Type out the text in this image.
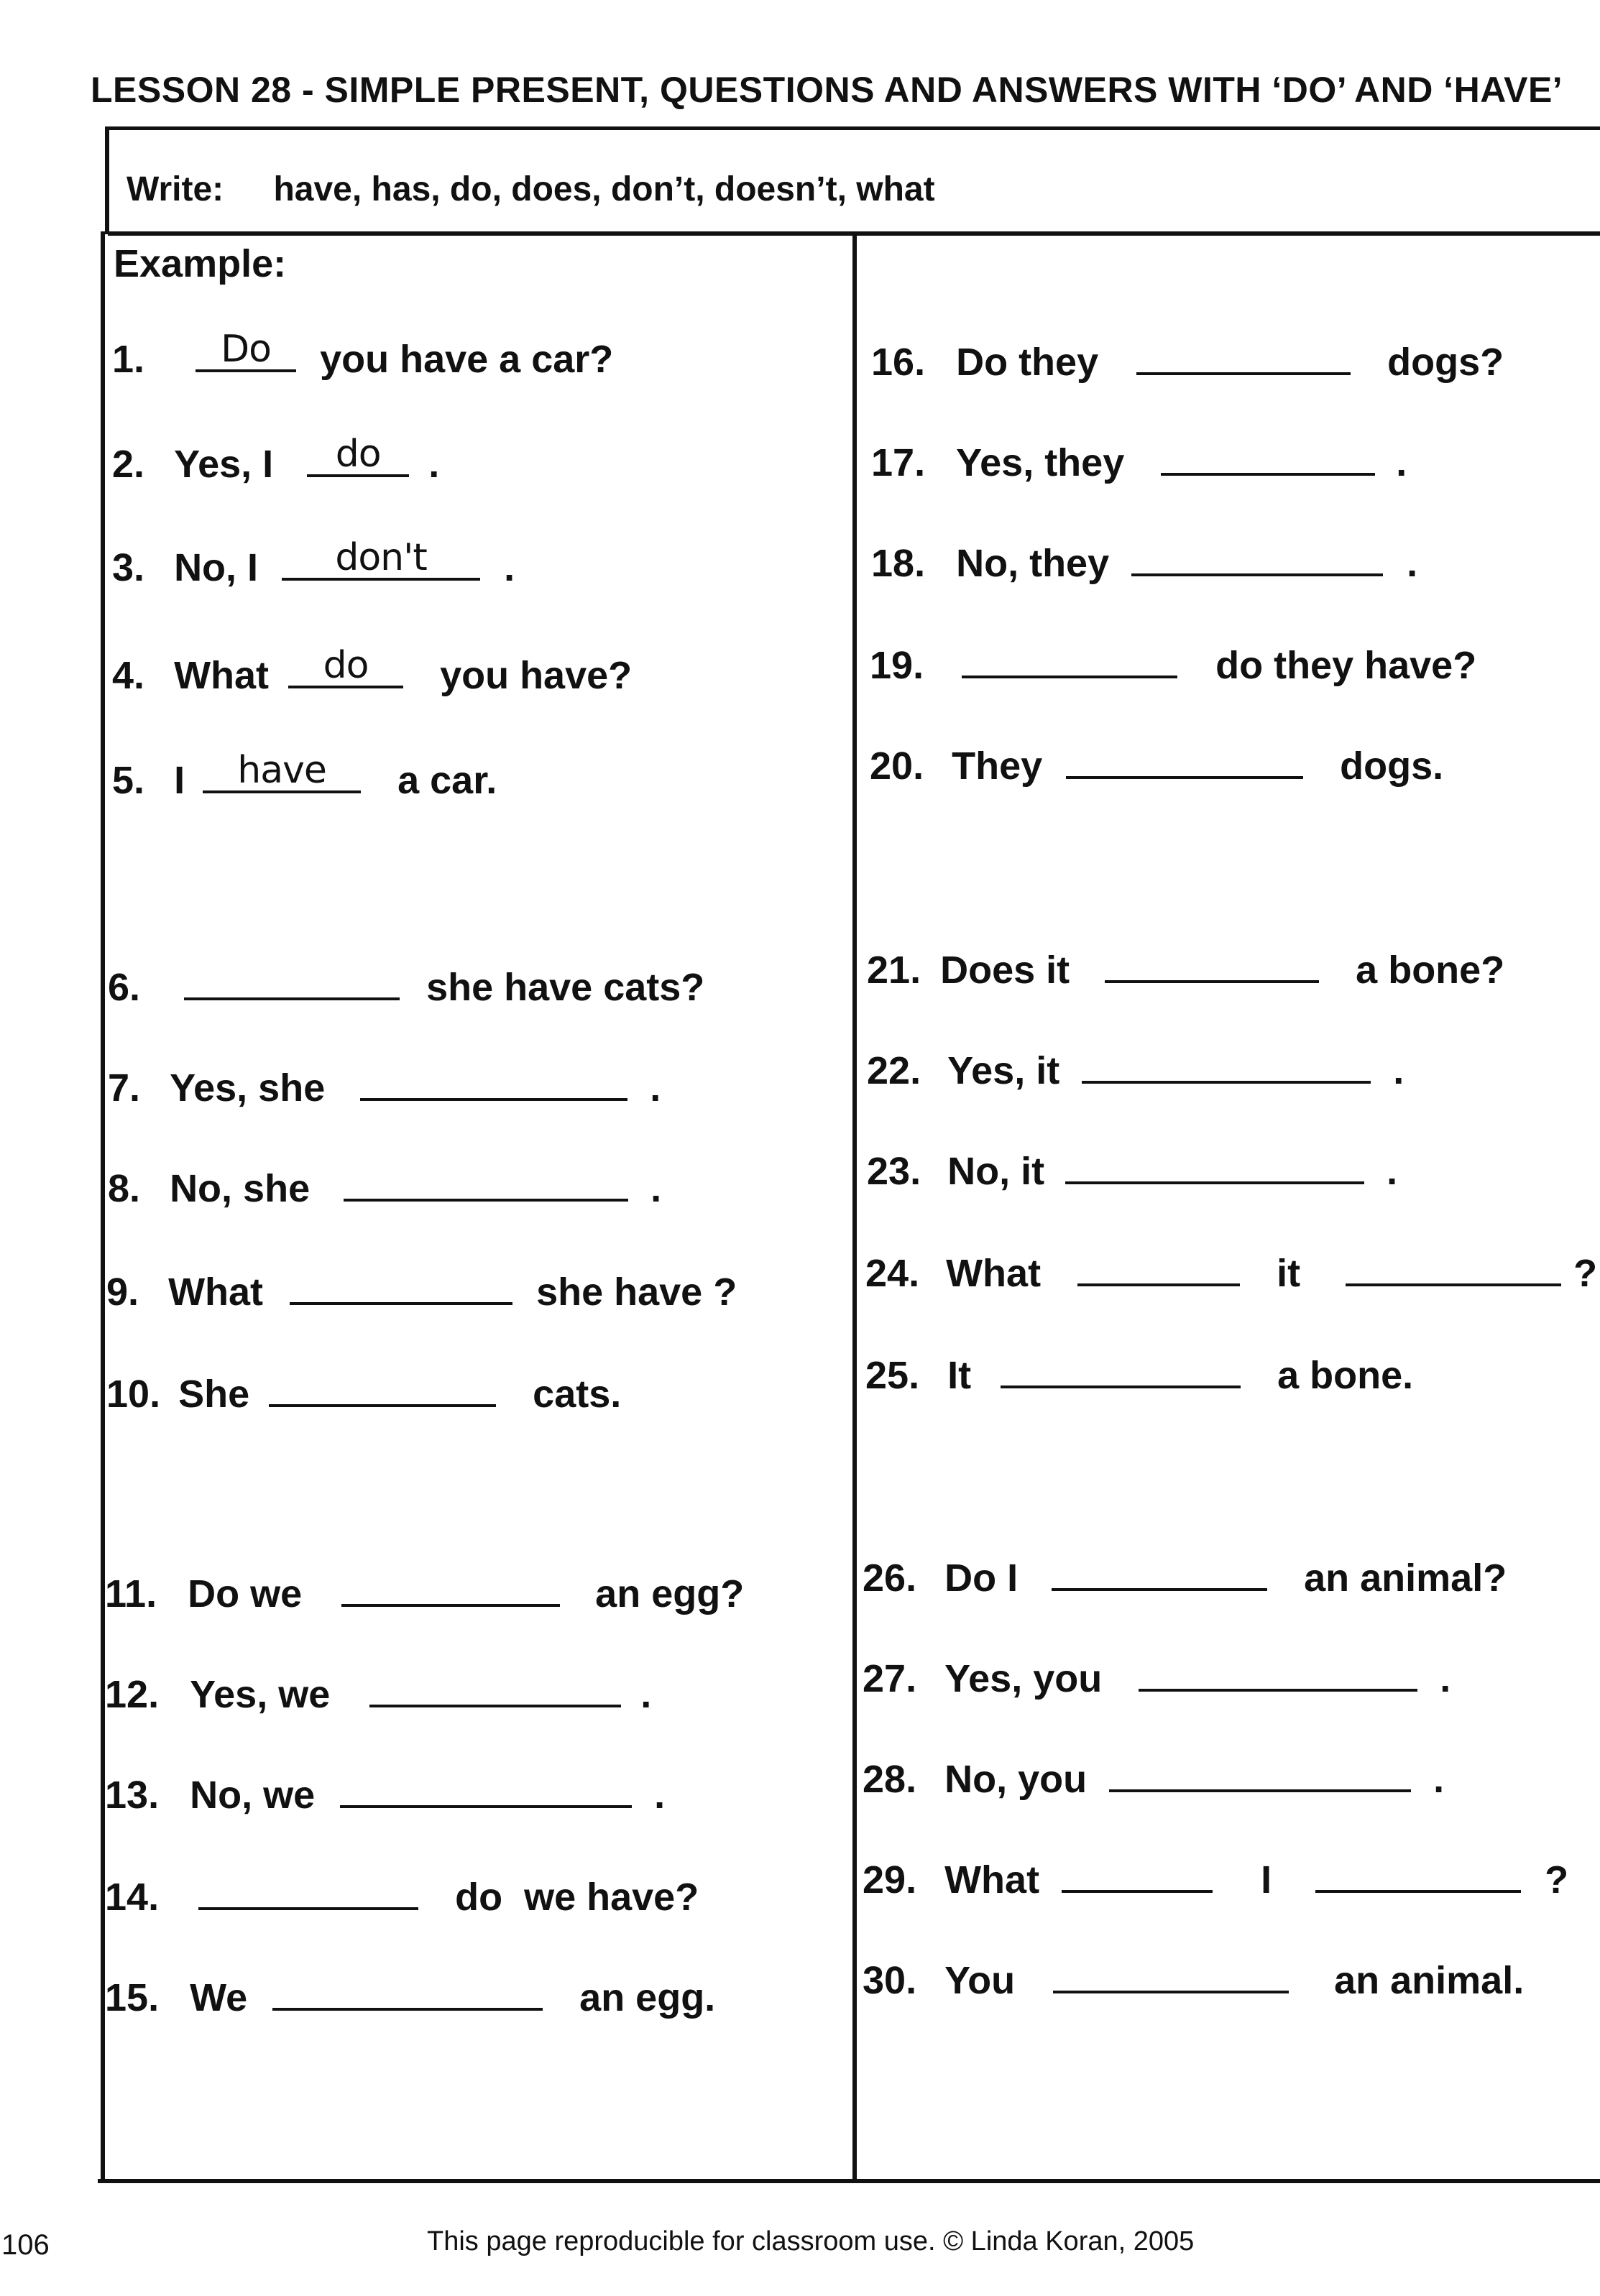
LESSON 28 - SIMPLE PRESENT, QUESTIONS AND ANSWERS WITH ‘DO’ AND ‘HAVE’
Write: have, has, do, does, don’t, doesn’t, what
Example:
1.	Do	you have a car?
2. Yes, I	do	.
3. No, I	don't	.
4. What	do	you have?
5. I	have	a car.
6.	she have cats?
7. Yes, she	.
8. No, she	.
9. What	she have ?
10. She	cats.
11. Do we	an egg?
12. Yes, we	.
13. No, we	.
14.	do  we have?
15. We	an egg.
16. Do they	dogs?
17. Yes, they	.
18. No, they	.
19.	do they have?
20. They	dogs.
21. Does it	a bone?
22. Yes, it	.
23. No, it	.
24. What	it	?
25. It	a bone.
26. Do I	an animal?
27. Yes, you	.
28. No, you	.
29. What	I	?
30. You	an animal.
106	This page reproducible for classroom use. © Linda Koran, 2005
